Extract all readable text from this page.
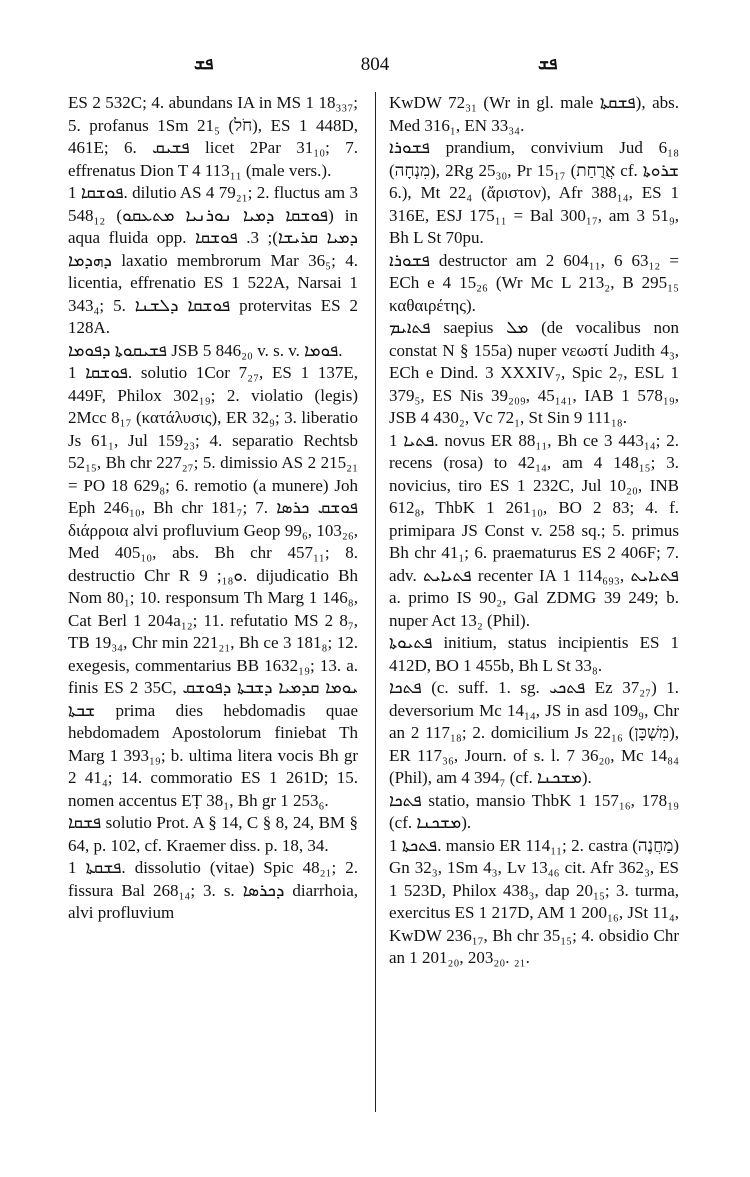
ܦܫ	804	ܦܫ

ES 2 532C; 4. abundans IA in MS 1 18₃₃₇; 5. profanus 1Sm 21₅ (חֹל), ES 1 448D, 461E; 6. ܦܫܝܩ licet 2Par 31₁₀; 7. effrenatus Dion T 4 113₁₁ (male vers.).

ܦܘܫܩܐ 1. dilutio AS 4 79₂₁; 2. fluctus am 3 548₁₂ (ܦܘܫܩܐ ܕܡܝܐ ܢܘܪܢܝܐ ܡܬܥܩܘ) in aqua fluida opp. ܕܡܝܐ ܩܪܝܫܐ); 3. ܦܘܫܩܐ ܕܗܕܡܐ laxatio membrorum Mar 36₅; 4. licentia, effrenatio ES 1 522A, Narsai 1 343₄; 5. ܦܘܫܩܐ ܕܠܫܢܐ protervitas ES 2 128A.

ܦܫܝܩܘܬܐ ܕܦܘܡܐ JSB 5 846₂₀ v. s. v. ܦܘܡܐ.

ܦܘܫܩܐ 1. solutio 1Cor 7₂₇, ES 1 137E, 449F, Philox 302₁₉; 2. violatio (legis) 2Mcc 8₁₇ (κατάλυσις), ER 32₉; 3. liberatio Js 61₁, Jul 159₂₃; 4. separatio Rechtsb 52₁₅, Bh chr 227₂₇; 5. dimissio AS 2 215₂₁ = PO 18 629₈; 6. remotio (a munere) Joh Eph 246₁₀, Bh chr 181₇; 7. ܦܘܫܩ ܟܪܣܐ διάρροια alvi profluvium Geop 99₆, 103₂₆, Med 405₁₀, abs. Bh chr 457₁₁; 8. destructio Chr R ܘ₁₈; 9. dijudicatio Bh Nom 80₁; 10. responsum Th Marg 1 146₈, Cat Berl 1 204a₁₂; 11. refutatio MS 2 8₇, TB 19₃₄, Chr min 221₂₁, Bh ce 3 181₈; 12. exegesis, commentarius BB 1632₁₉; 13. a. finis ES 2 35C, ܝܘܡܐ ܩܕܡܝܐ ܕܫܒܬܐ ܕܦܘܫܩ ܫܒܬܐ prima dies hebdomadis quae hebdomadem Apostolorum finiebat Th Marg 1 393₁₉; b. ultima litera vocis Bh gr 2 41₄; 14. commoratio ES 1 261D; 15. nomen accentus EṬ 38₁, Bh gr 1 253₆.

ܦܫܩܐ solutio Prot. A § 14, C § 8, 24, BM § 64, p. 102, cf. Kraemer diss. p. 18, 34.

ܦܫܩܬܐ 1. dissolutio (vitae) Spic 48₂₁; 2. fissura Bal 268₁₄; 3. s. ܕܟܪܣܐ diarrhoia, alvi profluvium

KwDW 72₃₁ (Wr in gl. male ܦܫܩܬܐ), abs. Med 316₁, EN 33₃₄.

ܦܫܘܪܐ prandium, convivium Jud 6₁₈ (מִנְחָה), 2Rg 25₃₀, Pr 15₁₇ (אֲרֻחַת cf. ܫܪܘܬܐ 6.), Mt 22₄ (ἄριστον), Afr 388₁₄, ES 1 316E, ESJ 175₁₁ = Bal 300₁₇, am 3 51₉, Bh L St 70pu.

ܦܫܘܪܐ destructor am 2 604₁₁, 6 63₁₂ = ECh e 4 15₂₆ (Wr Mc L 213₂, B 295₁₅ καθαιρέτης).

ܦܬܐܝܡ saepius ܡܠ (de vocalibus non constat N § 155a) nuper νεωστί Judith 4₃, ECh e Dind. 3 XXXIV₇, Spic 2₇, ESL 1 379₅, ES Nis 39₂₀₉, 45₁₄₁, IAB 1 578₁₉, JSB 4 430₂, Vc 72₁, St Sin 9 111₁₈.

ܦܬܝܐ 1. novus ER 88₁₁, Bh ce 3 443₁₄; 2. recens (rosa) to 42₁₄, am 4 148₁₅; 3. novicius, tiro ES 1 232C, Jul 10₂₀, INB 612₈, ThbK 1 261₁₀, BO 2 83; 4. f. primipara JS Const v. 258 sq.; 5. primus Bh chr 41₁; 6. praematurus ES 2 406F; 7. adv. ܦܬܝܐܝܬ recenter IA 1 114₆₉₃, ܦܬܝܐܝܬ a. primo IS 90₂, Gal ZDMG 39 249; b. nuper Act 13₂ (Phil).

ܦܬܝܘܬܐ initium, status incipientis ES 1 412D, BO 1 455b, Bh L St 33₈.

ܦܬܟܐ (c. suff. 1. sg. ܦܬܟܝ Ez 37₂₇) 1. deversorium Mc 14₁₄, JS in asd 109₉, Chr an 2 117₁₈; 2. domicilium Js 22₁₆ (מִשְׁכָּן), ER 117₃₆, Journ. of s. l. 7 36₂₀, Mc 14₈₄ (Phil), am 4 394₇ (cf. ܡܫܟܢܐ).

ܦܬܟܐ statio, mansio ThbK 1 157₁₆, 178₁₉ (cf. ܡܫܟܢܐ).

ܦܬܟܬܐ 1. mansio ER 114₁₁; 2. castra (מַחֲנֶה) Gn 32₃, 1Sm 4₃, Lv 13₄₆ cit. Afr 362₃, ES 1 523D, Philox 438₃, dap 20₁₅; 3. turma, exercitus ES 1 217D, AM 1 200₁₆, JSt 11₄, KwDW 236₁₇, Bh chr 35₁₅; 4. obsidio Chr an 1 201₂₀, 203₂₀. ₂₁.
